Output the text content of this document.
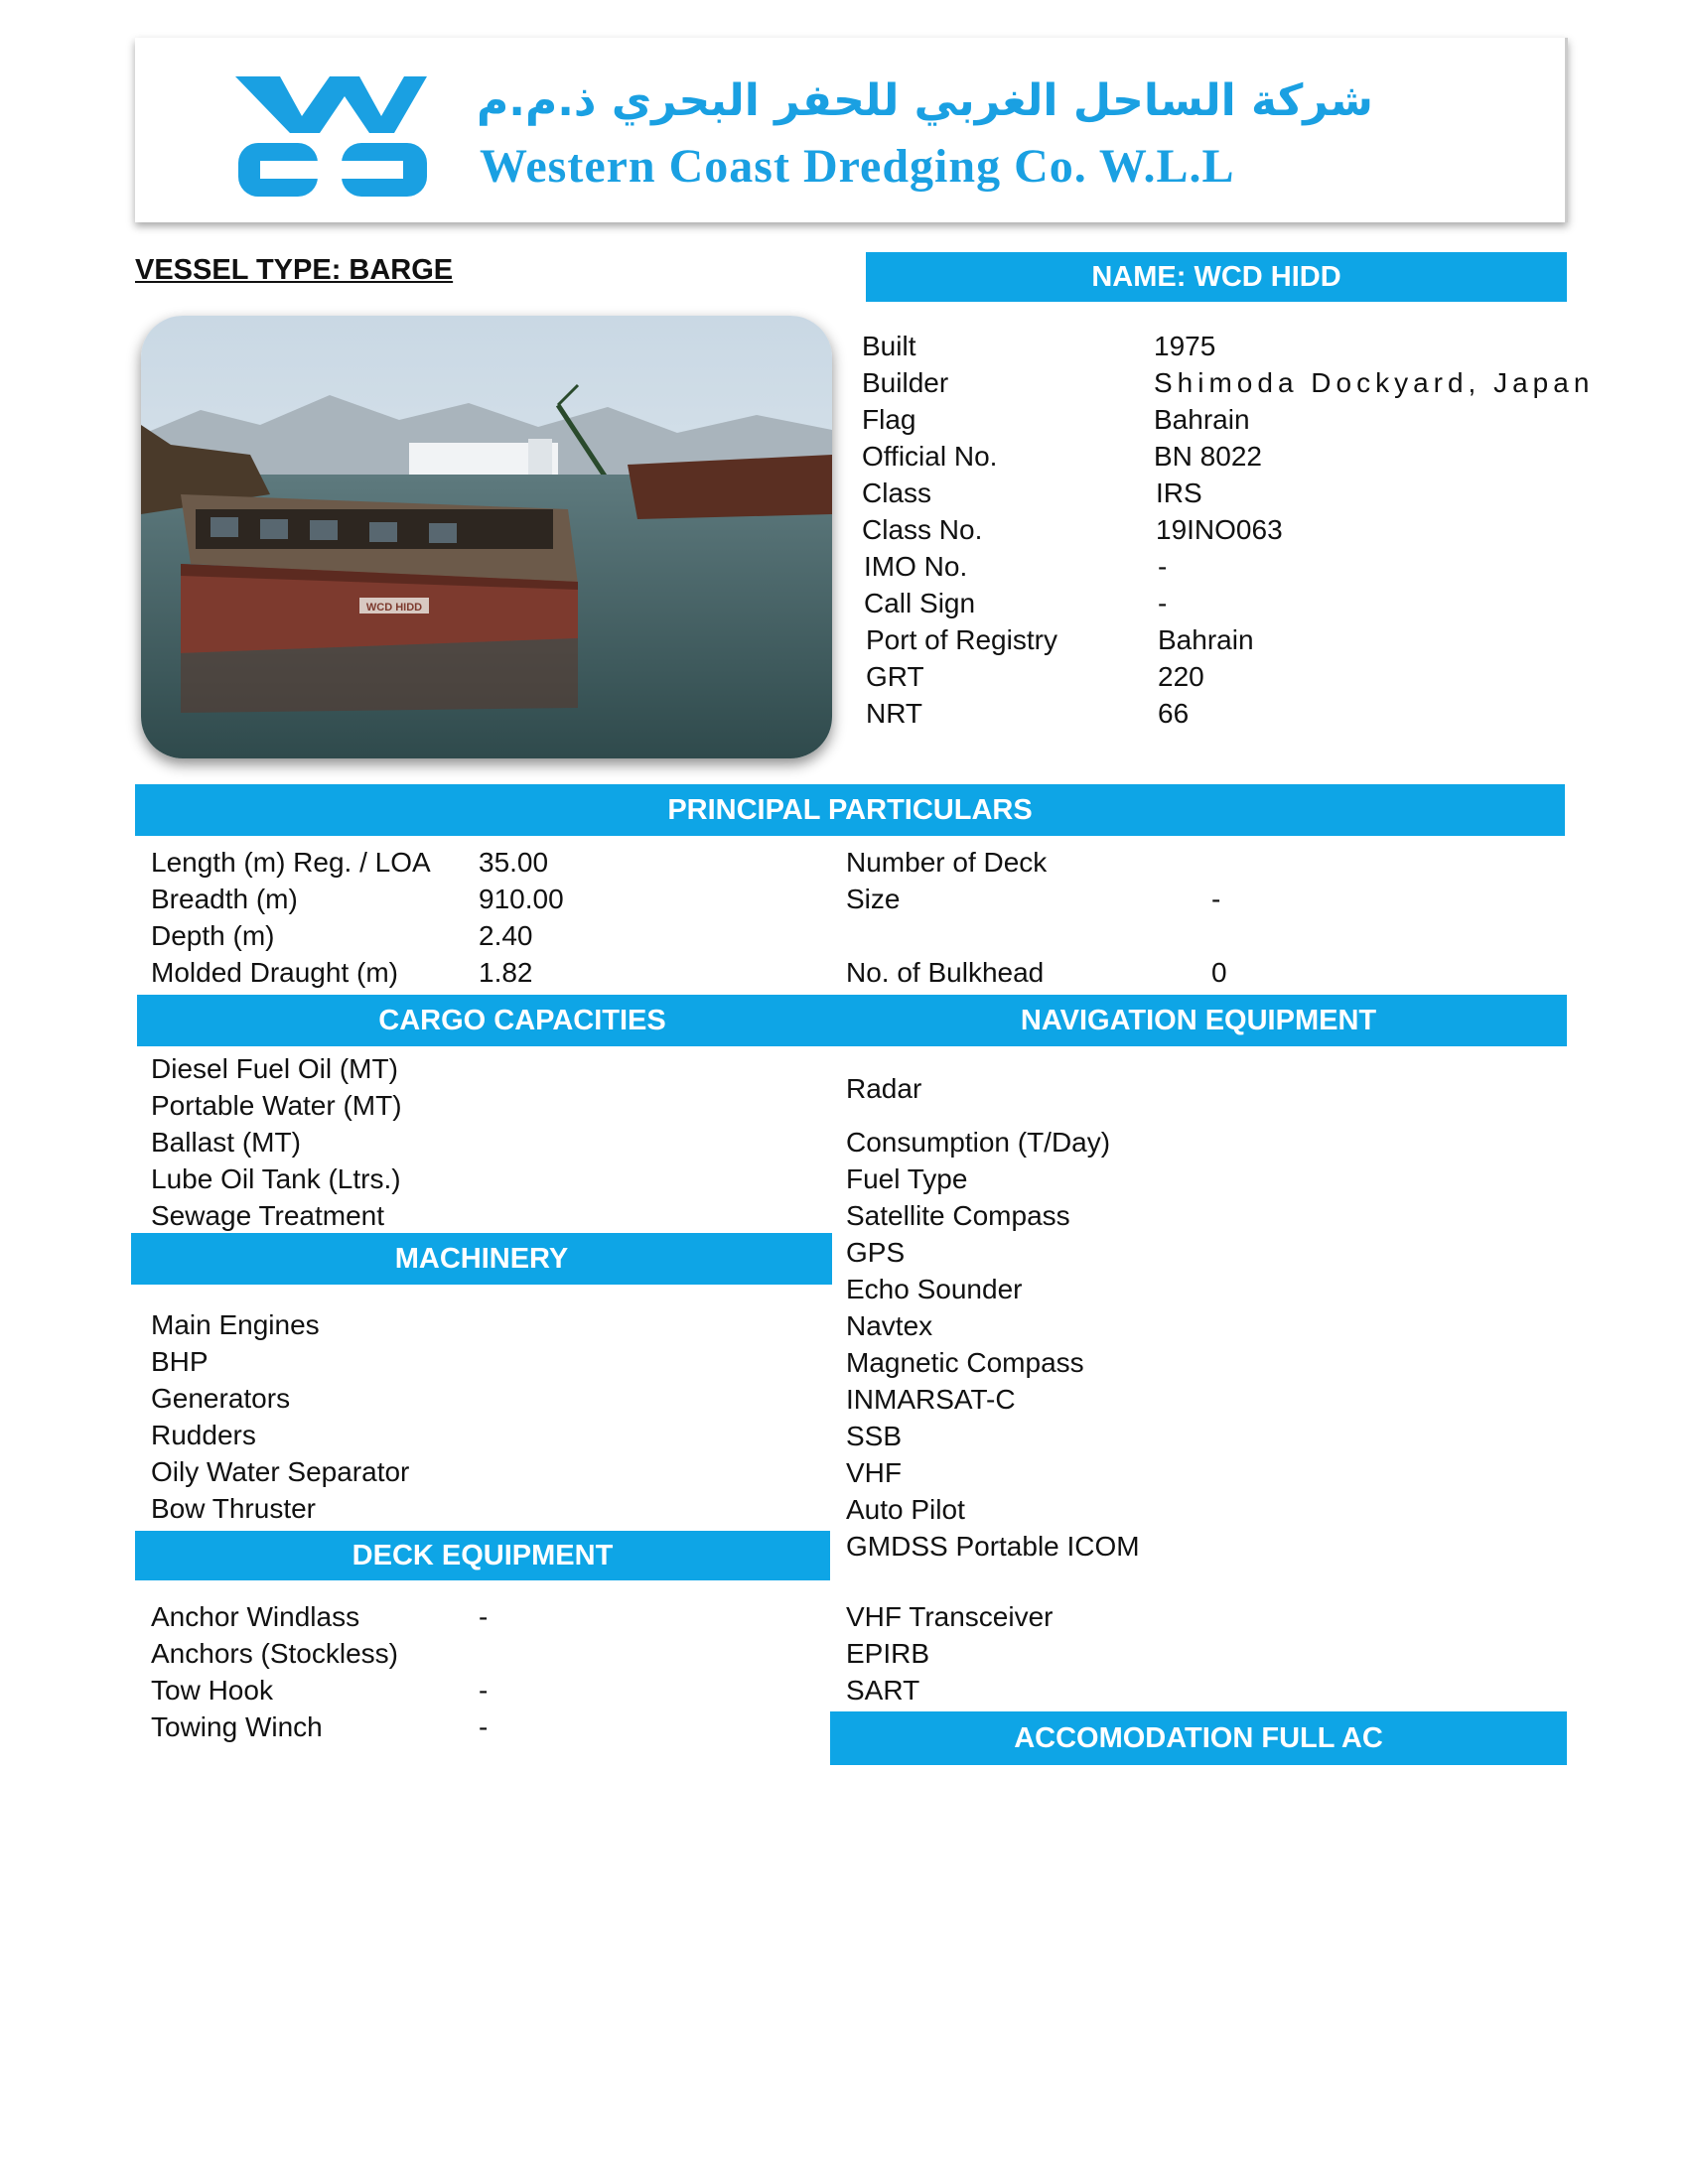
شركة الساحل الغربي للحفر البحري ذ.م.م
Western Coast Dredging Co. W.L.L
VESSEL TYPE: BARGE	NAME: WCD HIDD
WCD HIDD
Built	1975
Builder	Shimoda Dockyard, Japan
Flag	Bahrain
Official No.	BN 8022
Class	IRS
Class No.	19INO063
IMO No.	-
Call Sign	-
Port of Registry	Bahrain
GRT	220
NRT	66
PRINCIPAL PARTICULARS
Length (m) Reg. / LOA 35.00
Breadth (m)	910.00
Depth (m)	2.40
Molded Draught (m)	1.82
Number of Deck
Size	-
No. of Bulkhead	0
CARGO CAPACITIES	NAVIGATION EQUIPMENT
Diesel Fuel Oil (MT)
Portable Water (MT)
Ballast (MT)
Lube Oil Tank (Ltrs.)
Sewage Treatment
MACHINERY
Main Engines
BHP
Generators
Rudders
Oily Water Separator
Bow Thruster
DECK EQUIPMENT
Anchor Windlass	-
Anchors (Stockless)
Tow Hook	-
Towing Winch	-
Radar
Consumption (T/Day)
Fuel Type
Satellite Compass
GPS
Echo Sounder
Navtex
Magnetic Compass
INMARSAT-C
SSB
VHF
Auto Pilot
GMDSS Portable ICOM
VHF Transceiver
EPIRB
SART
ACCOMODATION FULL AC
